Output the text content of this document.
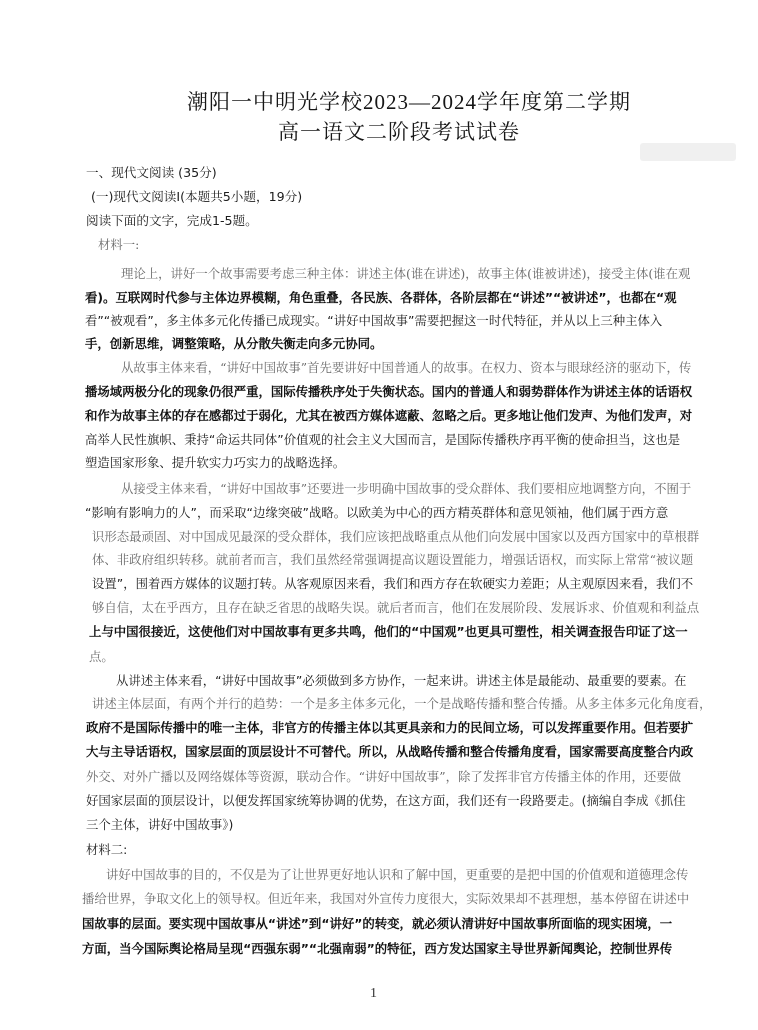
潮阳一中明光学校2023—2024学年度第二学期
高一语文二阶段考试试卷
一、现代文阅读 (35分)
(一)现代文阅读Ⅰ(本题共5小题，19分)
阅读下面的文字，完成1-5题。
材料一:
理论上，讲好一个故事需要考虑三种主体：讲述主体(谁在讲述)，故事主体(谁被讲述)，接受主体(谁在观
看)。互联网时代参与主体边界模糊，角色重叠，各民族、各群体，各阶层都在“讲述”“被讲述”，也都在“观
看”“被观看”，多主体多元化传播已成现实。“讲好中国故事”需要把握这一时代特征，并从以上三种主体入
手，创新思维，调整策略，从分散失衡走向多元协同。
从故事主体来看，“讲好中国故事”首先要讲好中国普通人的故事。在权力、资本与眼球经济的驱动下，传
播场域两极分化的现象仍很严重，国际传播秩序处于失衡状态。国内的普通人和弱势群体作为讲述主体的话语权
和作为故事主体的存在感都过于弱化，尤其在被西方媒体遮蔽、忽略之后。更多地让他们发声、为他们发声，对
高举人民性旗帜、秉持“命运共同体”价值观的社会主义大国而言，是国际传播秩序再平衡的使命担当，这也是
塑造国家形象、提升软实力巧实力的战略选择。
从接受主体来看，“讲好中国故事”还要进一步明确中国故事的受众群体、我们要相应地调整方向，不囿于
“影响有影响力的人”，而采取“边缘突破”战略。以欧美为中心的西方精英群体和意见领袖，他们属于西方意
识形态最顽固、对中国成见最深的受众群体，我们应该把战略重点从他们向发展中国家以及西方国家中的草根群
体、非政府组织转移。就前者而言，我们虽然经常强调提高议题设置能力，增强话语权，而实际上常常“被议题
设置”，围着西方媒体的议题打转。从客观原因来看，我们和西方存在软硬实力差距；从主观原因来看，我们不
够自信，太在乎西方，且存在缺乏省思的战略失误。就后者而言，他们在发展阶段、发展诉求、价值观和利益点
上与中国很接近，这使他们对中国故事有更多共鸣，他们的“中国观”也更具可塑性，相关调查报告印证了这一
点。
从讲述主体来看，“讲好中国故事”必须做到多方协作，一起来讲。讲述主体是最能动、最重要的要素。在
讲述主体层面，有两个并行的趋势：一个是多主体多元化，一个是战略传播和整合传播。从多主体多元化角度看，
政府不是国际传播中的唯一主体，非官方的传播主体以其更具亲和力的民间立场，可以发挥重要作用。但若要扩
大与主导话语权，国家层面的顶层设计不可替代。所以，从战略传播和整合传播角度看，国家需要高度整合内政
外交、对外广播以及网络媒体等资源，联动合作。“讲好中国故事”，除了发挥非官方传播主体的作用，还要做
好国家层面的顶层设计，以便发挥国家统筹协调的优势，在这方面，我们还有一段路要走。(摘编自李成《抓住
三个主体，讲好中国故事》)
材料二:
讲好中国故事的目的，不仅是为了让世界更好地认识和了解中国，更重要的是把中国的价值观和道德理念传
播给世界，争取文化上的领导权。但近年来，我国对外宣传力度很大，实际效果却不甚理想，基本停留在讲述中
国故事的层面。要实现中国故事从“讲述”到“讲好”的转变，就必须认清讲好中国故事所面临的现实困境，一
方面，当今国际舆论格局呈现“西强东弱”“北强南弱”的特征，西方发达国家主导世界新闻舆论，控制世界传
1
